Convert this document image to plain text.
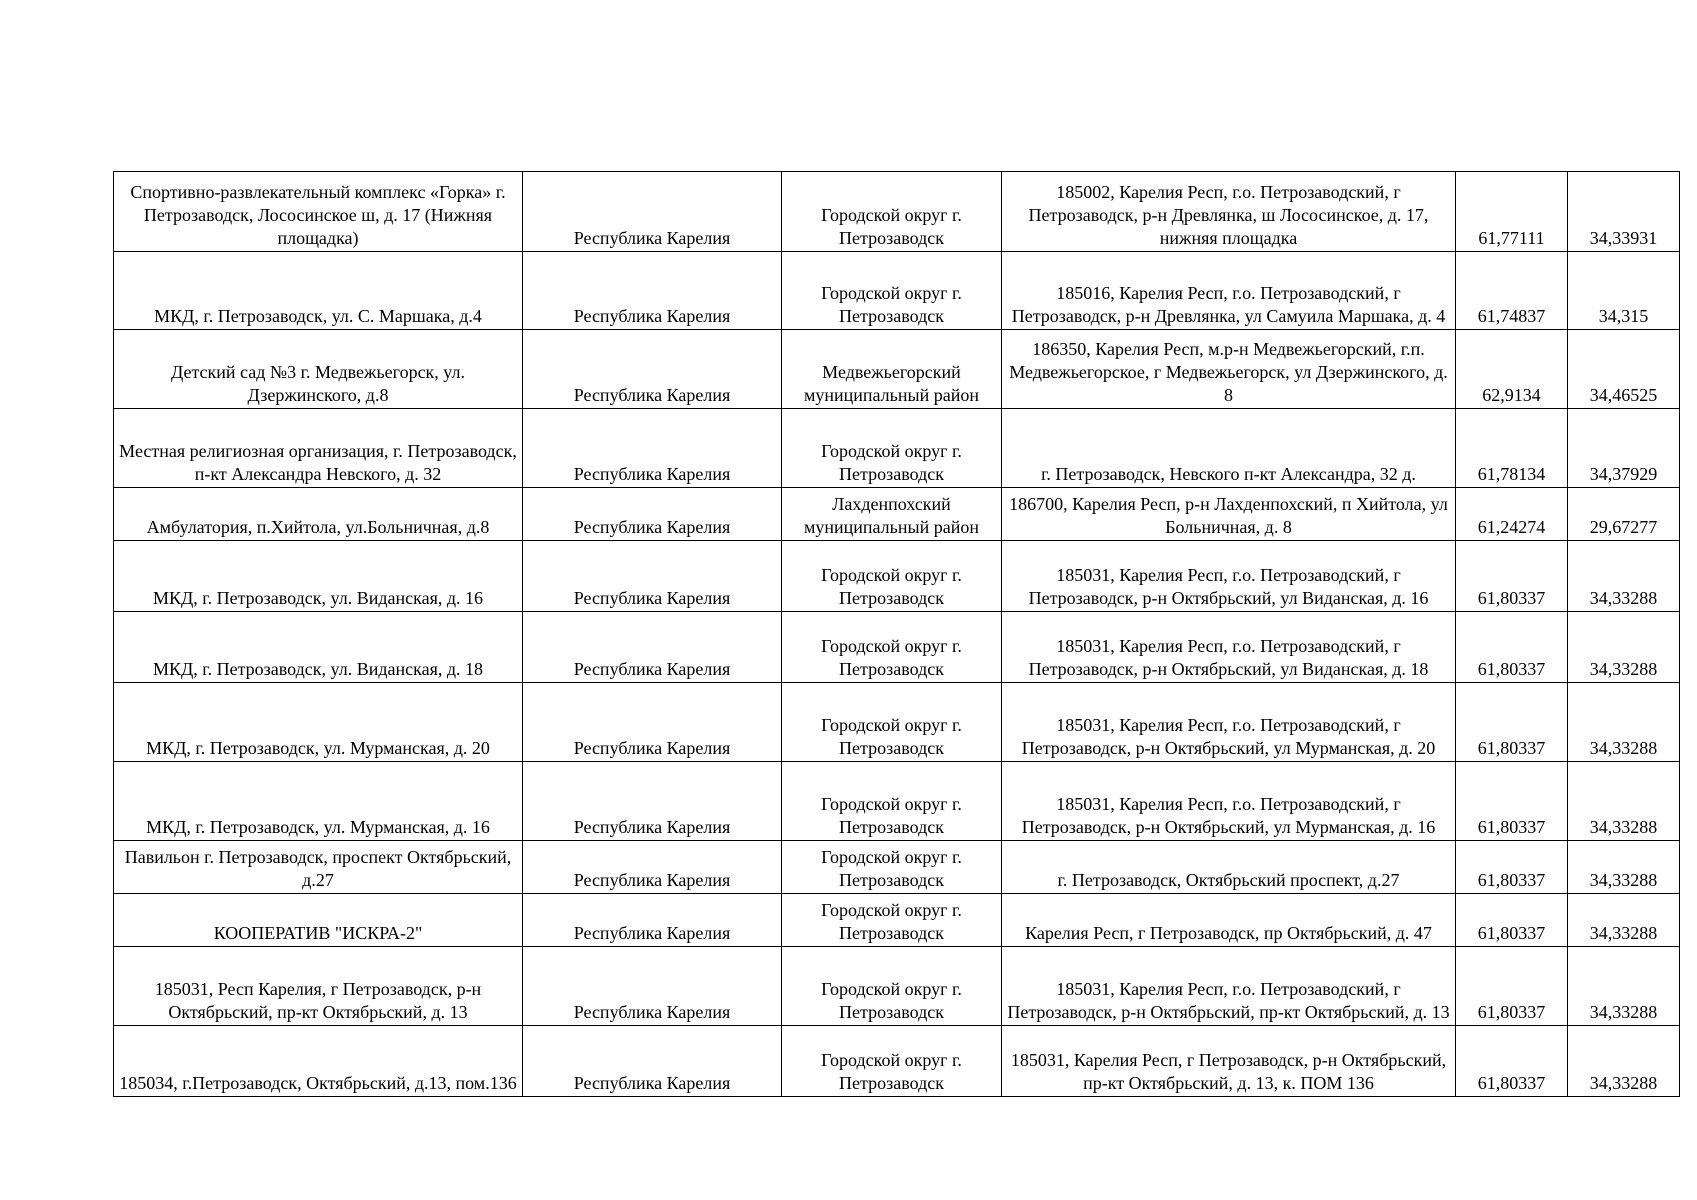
Спортивно-развлекательный комплекс «Горка» г. Петрозаводск, Лососинское ш, д. 17 (Нижняя площадка)	Республика Карелия	Городской округ г. Петрозаводск	185002, Карелия Респ, г.о. Петрозаводский, г Петрозаводск, р-н Древлянка, ш Лососинское, д. 17, нижняя площадка	61,77111	34,33931
МКД, г. Петрозаводск, ул. С. Маршака, д.4	Республика Карелия	Городской округ г. Петрозаводск	185016, Карелия Респ, г.о. Петрозаводский, г Петрозаводск, р-н Древлянка, ул Самуила Маршака, д. 4	61,74837	34,315
Детский сад №3 г. Медвежьегорск, ул. Дзержинского, д.8	Республика Карелия	Медвежьегорский муниципальный район	186350, Карелия Респ, м.р-н Медвежьегорский, г.п. Медвежьегорское, г Медвежьегорск, ул Дзержинского, д. 8	62,9134	34,46525
Местная религиозная организация, г. Петрозаводск, п-кт Александра Невского, д. 32	Республика Карелия	Городской округ г. Петрозаводск	г. Петрозаводск, Невского п-кт Александра, 32 д.	61,78134	34,37929
Амбулатория, п.Хийтола, ул.Больничная, д.8	Республика Карелия	Лахденпохский муниципальный район	186700, Карелия Респ, р-н Лахденпохский, п Хийтола, ул Больничная, д. 8	61,24274	29,67277
МКД, г. Петрозаводск, ул. Виданская, д. 16	Республика Карелия	Городской округ г. Петрозаводск	185031, Карелия Респ, г.о. Петрозаводский, г Петрозаводск, р-н Октябрьский, ул Виданская, д. 16	61,80337	34,33288
МКД, г. Петрозаводск, ул. Виданская, д. 18	Республика Карелия	Городской округ г. Петрозаводск	185031, Карелия Респ, г.о. Петрозаводский, г Петрозаводск, р-н Октябрьский, ул Виданская, д. 18	61,80337	34,33288
МКД, г. Петрозаводск, ул. Мурманская, д. 20	Республика Карелия	Городской округ г. Петрозаводск	185031, Карелия Респ, г.о. Петрозаводский, г Петрозаводск, р-н Октябрьский, ул Мурманская, д. 20	61,80337	34,33288
МКД, г. Петрозаводск, ул. Мурманская, д. 16	Республика Карелия	Городской округ г. Петрозаводск	185031, Карелия Респ, г.о. Петрозаводский, г Петрозаводск, р-н Октябрьский, ул Мурманская, д. 16	61,80337	34,33288
Павильон г. Петрозаводск, проспект Октябрьский, д.27	Республика Карелия	Городской округ г. Петрозаводск	г. Петрозаводск, Октябрьский проспект, д.27	61,80337	34,33288
КООПЕРАТИВ "ИСКРА-2"	Республика Карелия	Городской округ г. Петрозаводск	Карелия Респ, г Петрозаводск, пр Октябрьский, д. 47	61,80337	34,33288
185031, Респ Карелия, г Петрозаводск, р-н Октябрьский, пр-кт Октябрьский, д. 13	Республика Карелия	Городской округ г. Петрозаводск	185031, Карелия Респ, г.о. Петрозаводский, г Петрозаводск, р-н Октябрьский, пр-кт Октябрьский, д. 13	61,80337	34,33288
185034, г.Петрозаводск, Октябрьский, д.13, пом.136	Республика Карелия	Городской округ г. Петрозаводск	185031, Карелия Респ, г Петрозаводск, р-н Октябрьский, пр-кт Октябрьский, д. 13, к. ПОМ 136	61,80337	34,33288
